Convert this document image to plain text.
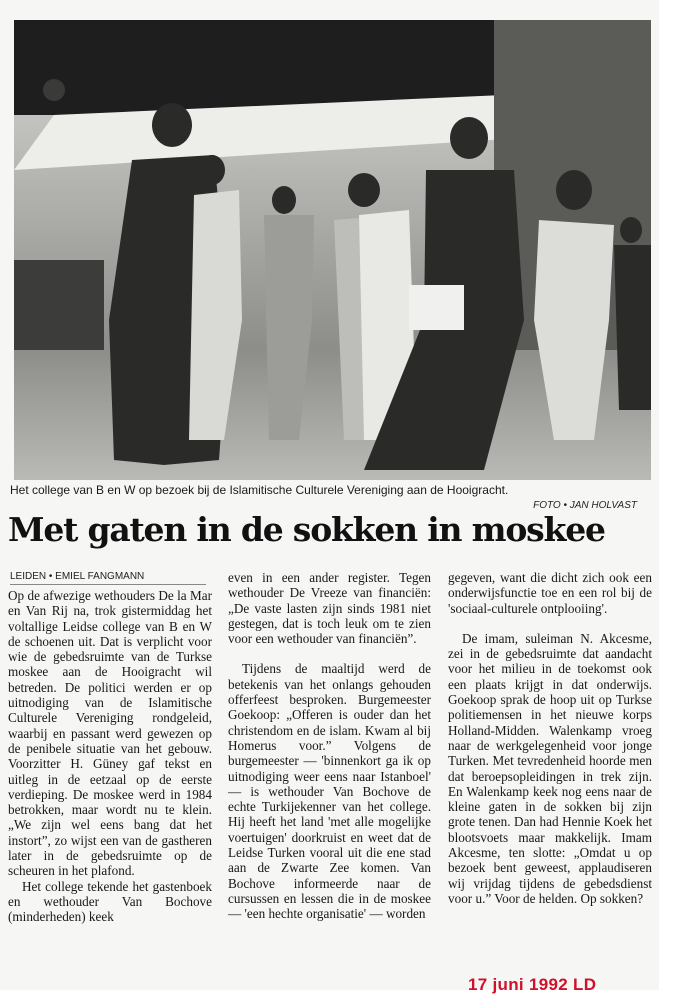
Het college van B en W op bezoek bij de Islamitische Culturele Vereniging aan de Hooigracht.
FOTO • JAN HOLVAST
Met gaten in de sokken in moskee
LEIDEN • EMIEL FANGMANN

Op de afwezige wethouders De la Mar en Van Rij na, trok gistermiddag het voltallige Leidse college van B en W de schoenen uit. Dat is verplicht voor wie de gebedsruimte van de Turkse moskee aan de Hooigracht wil betreden. De politici werden er op uitnodiging van de Islamitische Culturele Vereniging rondgeleid, waarbij en passant werd gewezen op de penibele situatie van het gebouw. Voorzitter H. Güney gaf tekst en uitleg in de eetzaal op de eerste verdieping. De moskee werd in 1984 betrokken, maar wordt nu te klein. „We zijn wel eens bang dat het instort”, zo wijst een van de gastheren later in de gebedsruimte op de scheuren in het plafond.

Het college tekende het gastenboek en wethouder Van Bochove (minderheden) keek

even in een ander register. Tegen wethouder De Vreeze van financiën: „De vaste lasten zijn sinds 1981 niet gestegen, dat is toch leuk om te zien voor een wethouder van financiën”.

Tijdens de maaltijd werd de betekenis van het onlangs gehouden offerfeest besproken. Burgemeester Goekoop: „Offeren is ouder dan het christendom en de islam. Kwam al bij Homerus voor.” Volgens de burgemeester — 'binnenkort ga ik op uitnodiging weer eens naar Istanboel' — is wethouder Van Bochove de echte Turkijekenner van het college. Hij heeft het land 'met alle mogelijke voertuigen' doorkruist en weet dat de Leidse Turken vooral uit die ene stad aan de Zwarte Zee komen. Van Bochove informeerde naar de cursussen en lessen die in de moskee — 'een hechte organisatie' — worden

gegeven, want die dicht zich ook een onderwijsfunctie toe en een rol bij de 'sociaal-culturele ontplooiing'.

De imam, suleiman N. Akcesme, zei in de gebedsruimte dat aandacht voor het milieu in de toekomst ook een plaats krijgt in dat onderwijs. Goekoop sprak de hoop uit op Turkse politiemensen in het nieuwe korps Holland-Midden. Walenkamp vroeg naar de werkgelegenheid voor jonge Turken. Met tevredenheid hoorde men dat beroepsopleidingen in trek zijn. En Walenkamp keek nog eens naar de kleine gaten in de sokken bij zijn grote tenen. Dan had Hennie Koek het blootsvoets maar makkelijk. Imam Akcesme, ten slotte: „Omdat u op bezoek bent geweest, applaudiseren wij vrijdag tijdens de gebedsdienst voor u.” Voor de helden. Op sokken?

17 juni 1992 LD
